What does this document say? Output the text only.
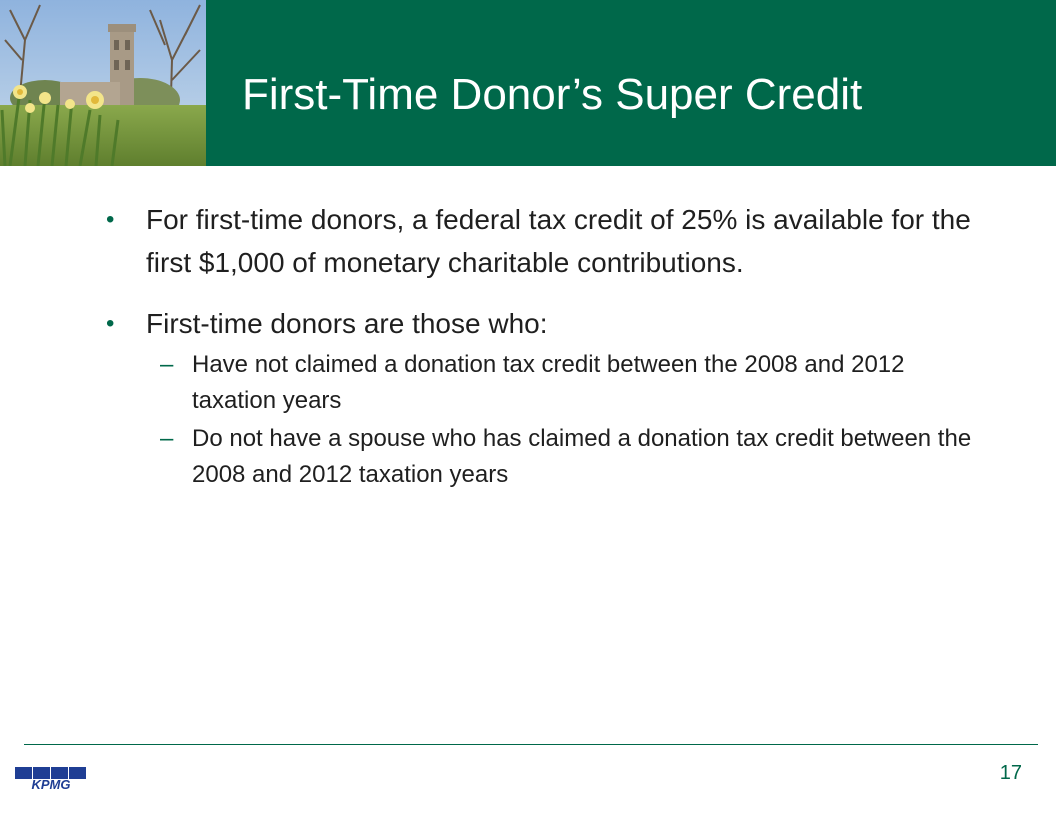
First-Time Donor’s Super Credit
• For first-time donors, a federal tax credit of 25% is available for the first $1,000 of monetary charitable contributions.
• First-time donors are those who:
– Have not claimed a donation tax credit between the 2008 and 2012 taxation years
– Do not have a spouse who has claimed a donation tax credit between the 2008 and 2012 taxation years
KPMG
17
